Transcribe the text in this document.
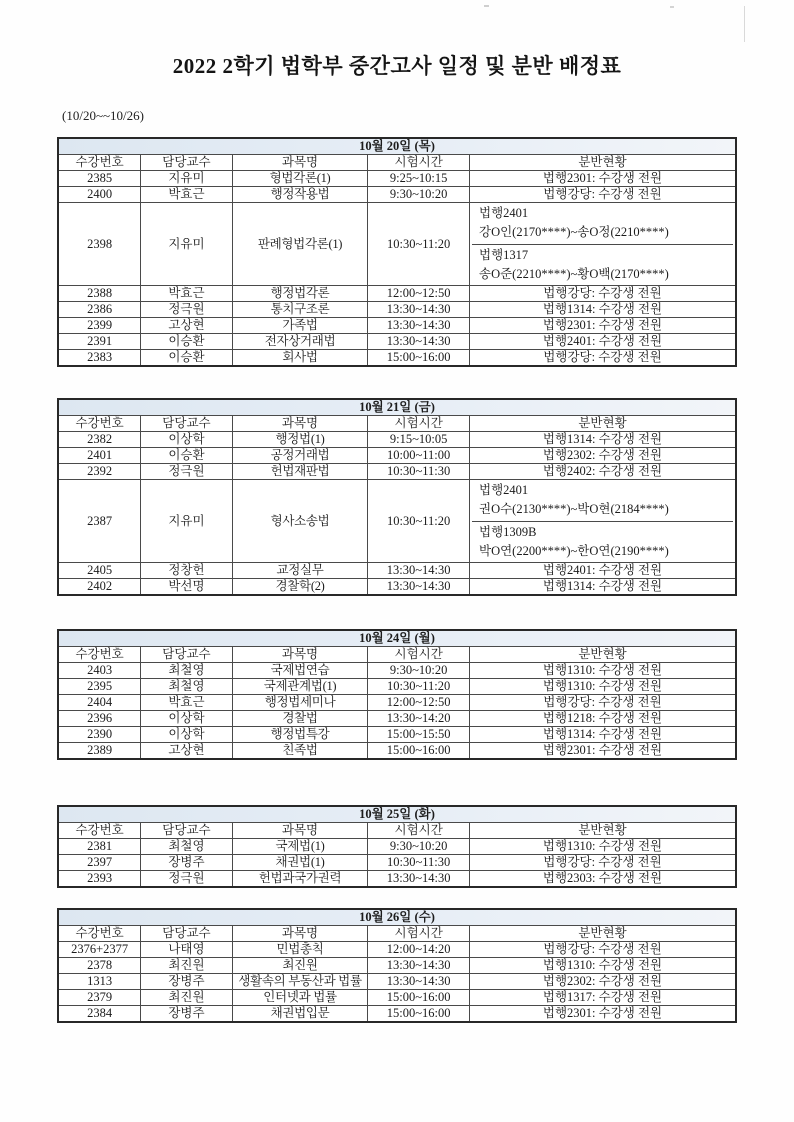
2022 2학기 법학부 중간고사 일정 및 분반 배정표
(10/20~~10/26)
10월 20일 (목)				
수강번호	담당교수	과목명	시험시간	분반현황
2385	지유미	형법각론(1)	9:25~10:15	법행2301: 수강생 전원
2400	박효근	행정작용법	9:30~10:20	법행강당: 수강생 전원
2398	지유미	판례형법각론(1)	10:30~11:20	법행2401
강O인(2170****)~송O정(2210****)
법행1317
송O준(2210****)~황O백(2170****)

2388	박효근	행정법각론	12:00~12:50	법행강당: 수강생 전원
2386	정극원	통치구조론	13:30~14:30	법행1314: 수강생 전원
2399	고상현	가족법	13:30~14:30	법행2301: 수강생 전원
2391	이승환	전자상거래법	13:30~14:30	법행2401: 수강생 전원
2383	이승환	회사법	15:00~16:00	법행강당: 수강생 전원
10월 21일 (금)				
수강번호	담당교수	과목명	시험시간	분반현황
2382	이상학	행정법(1)	9:15~10:05	법행1314: 수강생 전원
2401	이승환	공정거래법	10:00~11:00	법행2302: 수강생 전원
2392	정극원	헌법재판법	10:30~11:30	법행2402: 수강생 전원
2387	지유미	형사소송법	10:30~11:20	법행2401
권O수(2130****)~박O현(2184****)
법행1309B
박O연(2200****)~한O연(2190****)

2405	정창헌	교정실무	13:30~14:30	법행2401: 수강생 전원
2402	박선명	경찰학(2)	13:30~14:30	법행1314: 수강생 전원
10월 24일 (월)				
수강번호	담당교수	과목명	시험시간	분반현황
2403	최철영	국제법연습	9:30~10:20	법행1310: 수강생 전원
2395	최철영	국제관계법(1)	10:30~11:20	법행1310: 수강생 전원
2404	박효근	행정법세미나	12:00~12:50	법행강당: 수강생 전원
2396	이상학	경찰법	13:30~14:20	법행1218: 수강생 전원
2390	이상학	행정법특강	15:00~15:50	법행1314: 수강생 전원
2389	고상현	친족법	15:00~16:00	법행2301: 수강생 전원
10월 25일 (화)				
수강번호	담당교수	과목명	시험시간	분반현황
2381	최철영	국제법(1)	9:30~10:20	법행1310: 수강생 전원
2397	장병주	채권법(1)	10:30~11:30	법행강당: 수강생 전원
2393	정극원	헌법과국가권력	13:30~14:30	법행2303: 수강생 전원
10월 26일 (수)				
수강번호	담당교수	과목명	시험시간	분반현황
2376+2377	나태영	민법총칙	12:00~14:20	법행강당: 수강생 전원
2378	최진원	최진원	13:30~14:30	법행1310: 수강생 전원
1313	장병주	생활속의 부동산과 법률	13:30~14:30	법행2302: 수강생 전원
2379	최진원	인터넷과 법률	15:00~16:00	법행1317: 수강생 전원
2384	장병주	채권법입문	15:00~16:00	법행2301: 수강생 전원
